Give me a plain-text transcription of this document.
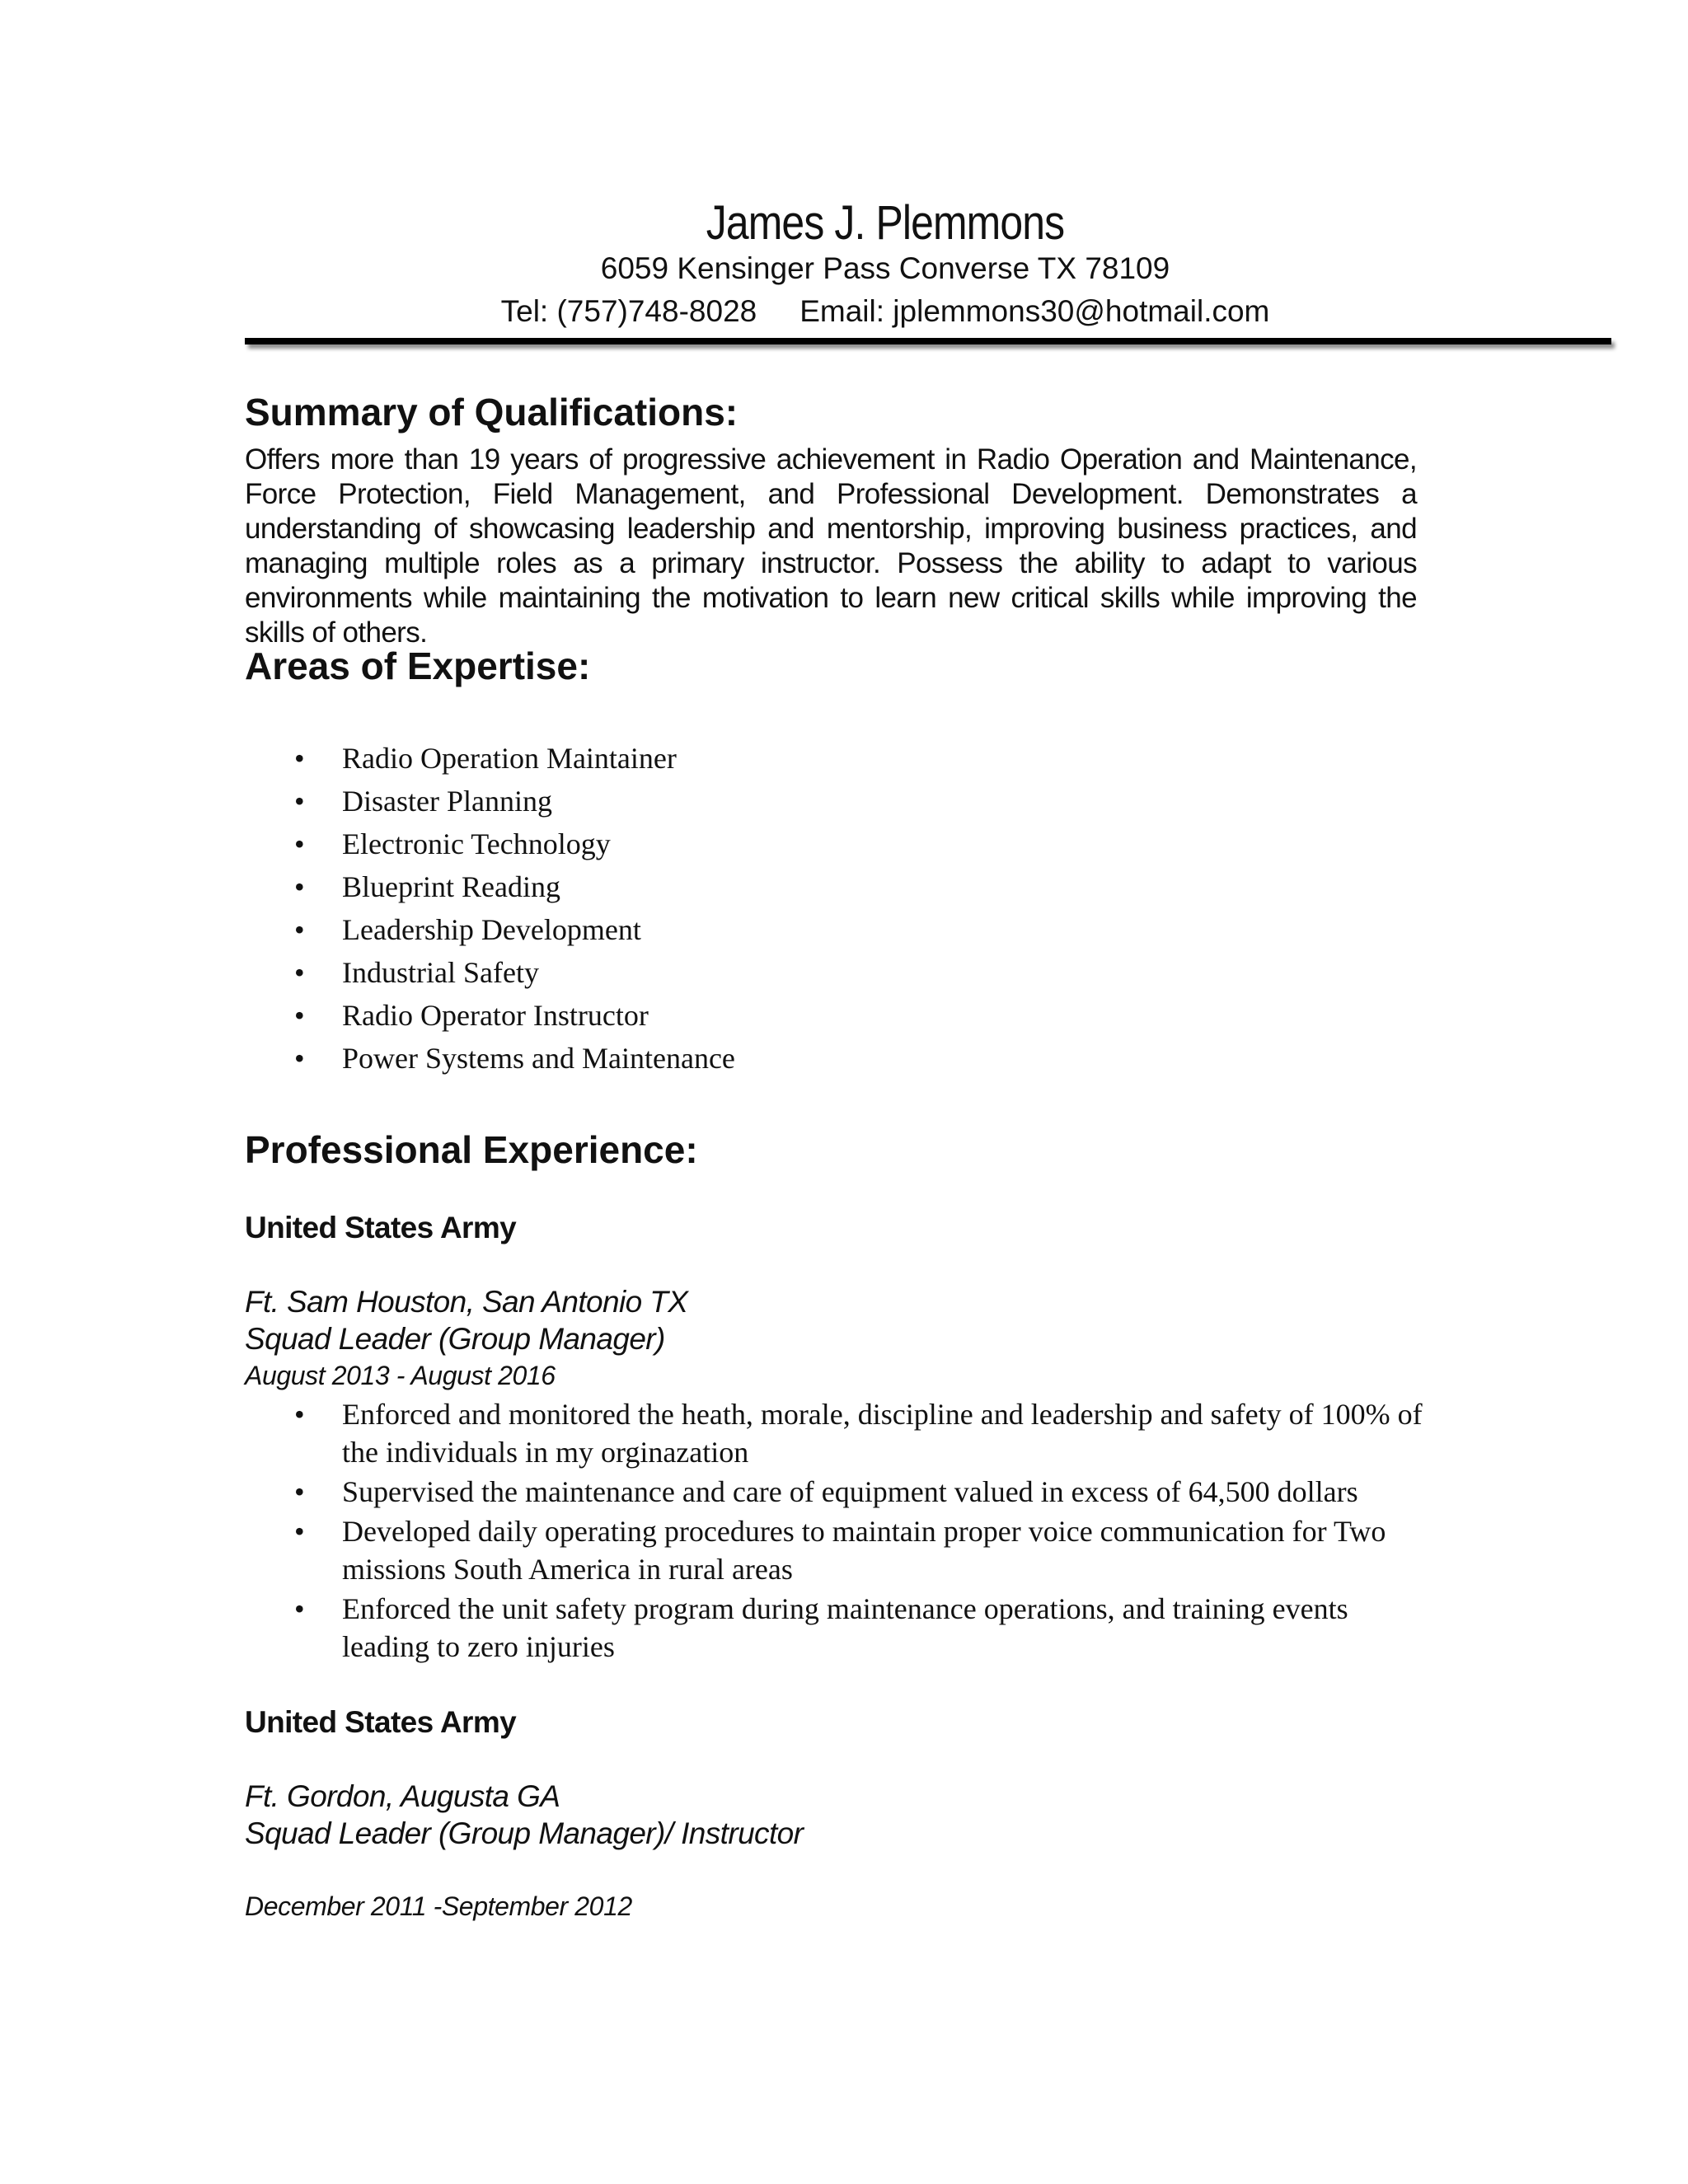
James J. Plemmons
6059 Kensinger Pass Converse TX 78109
Tel: (757)748-8028 Email: jplemmons30@hotmail.com
Summary of Qualifications:

Offers more than 19 years of progressive achievement in Radio Operation and Maintenance, Force Protection, Field Management, and Professional Development. Demonstrates a understanding of showcasing leadership and mentorship, improving business practices, and managing multiple roles as a primary instructor. Possess the ability to adapt to various environments while maintaining the motivation to learn new critical skills while improving the skills of others.

Areas of Expertise:
• Radio Operation Maintainer
• Disaster Planning
• Electronic Technology
• Blueprint Reading
• Leadership Development
• Industrial Safety
• Radio Operator Instructor
• Power Systems and Maintenance
Professional Experience:
United States Army
Ft. Sam Houston, San Antonio TX
Squad Leader (Group Manager)
August 2013 - August 2016
• Enforced and monitored the heath, morale, discipline and leadership and safety of 100% of the individuals in my orginazation
• Supervised the maintenance and care of equipment valued in excess of 64,500 dollars
• Developed daily operating procedures to maintain proper voice communication for Two missions South America in rural areas
• Enforced the unit safety program during maintenance operations, and training events leading to zero injuries
United States Army
Ft. Gordon, Augusta GA
Squad Leader (Group Manager)/ Instructor
December 2011 -September 2012
